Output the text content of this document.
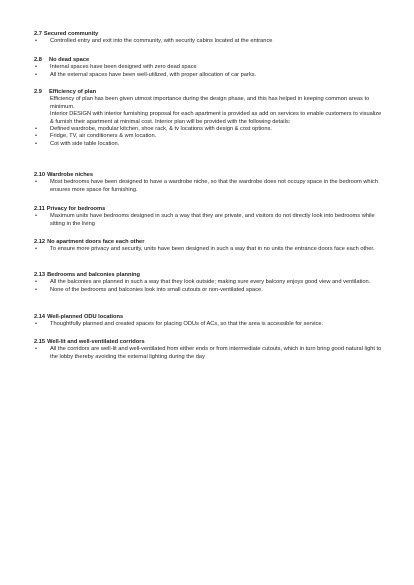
2.7 Secured community
• Controlled entry and exit into the community, with security cabins located at the entrance
2.8 No dead space
• Internal spaces have been designed with zero dead space
• All the external spaces have been well-utilized, with proper allocation of car parks.
2.9 Efficiency of plan
Efficiency of plan has been given utmost importance during the design phase, and this has helped in keeping common areas to minimum.
Interior DESIGN with interior furnishing proposal for each apartment is provided as add on services to enable customers to visualize & furnish their apartment at minimal cost. Interior plan will be provided with the following details:
• Defined wardrobe, modular kitchen, shoe rack, & tv locations with design & cost options.
• Fridge, TV, air conditioners & wm location.
• Cot with side table location.
2.10 Wardrobe niches
• Most bedrooms have been designed to have a wardrobe niche, so that the wardrobe does not occupy space in the bedroom which ensures more space for furnishing.
2.11 Privacy for bedrooms
• Maximum units have bedrooms designed in such a way that they are private, and visitors do not directly look into bedrooms while sitting in the living
2.12 No apartment doors face each other
• To ensure more privacy and security, units have been designed in such a way that in no units the entrance doors face each other.
2.13 Bedrooms and balconies planning
• All the balconies are planned in such a way that they look outside; making sure every balcony enjoys good view and ventilation.
• None of the bedrooms and balconies look into small cutouts or non-ventilated space.
2.14 Well-planned ODU locations
• Thoughtfully planned and created spaces for placing ODUs of ACs, so that the area is accessible for service.
2.15 Well-lit and well-ventilated corridors
• All the corridors are well-lit and well-ventilated from either ends or from intermediate cutouts, which in turn bring good natural light to the lobby thereby avoiding the external lighting during the day
